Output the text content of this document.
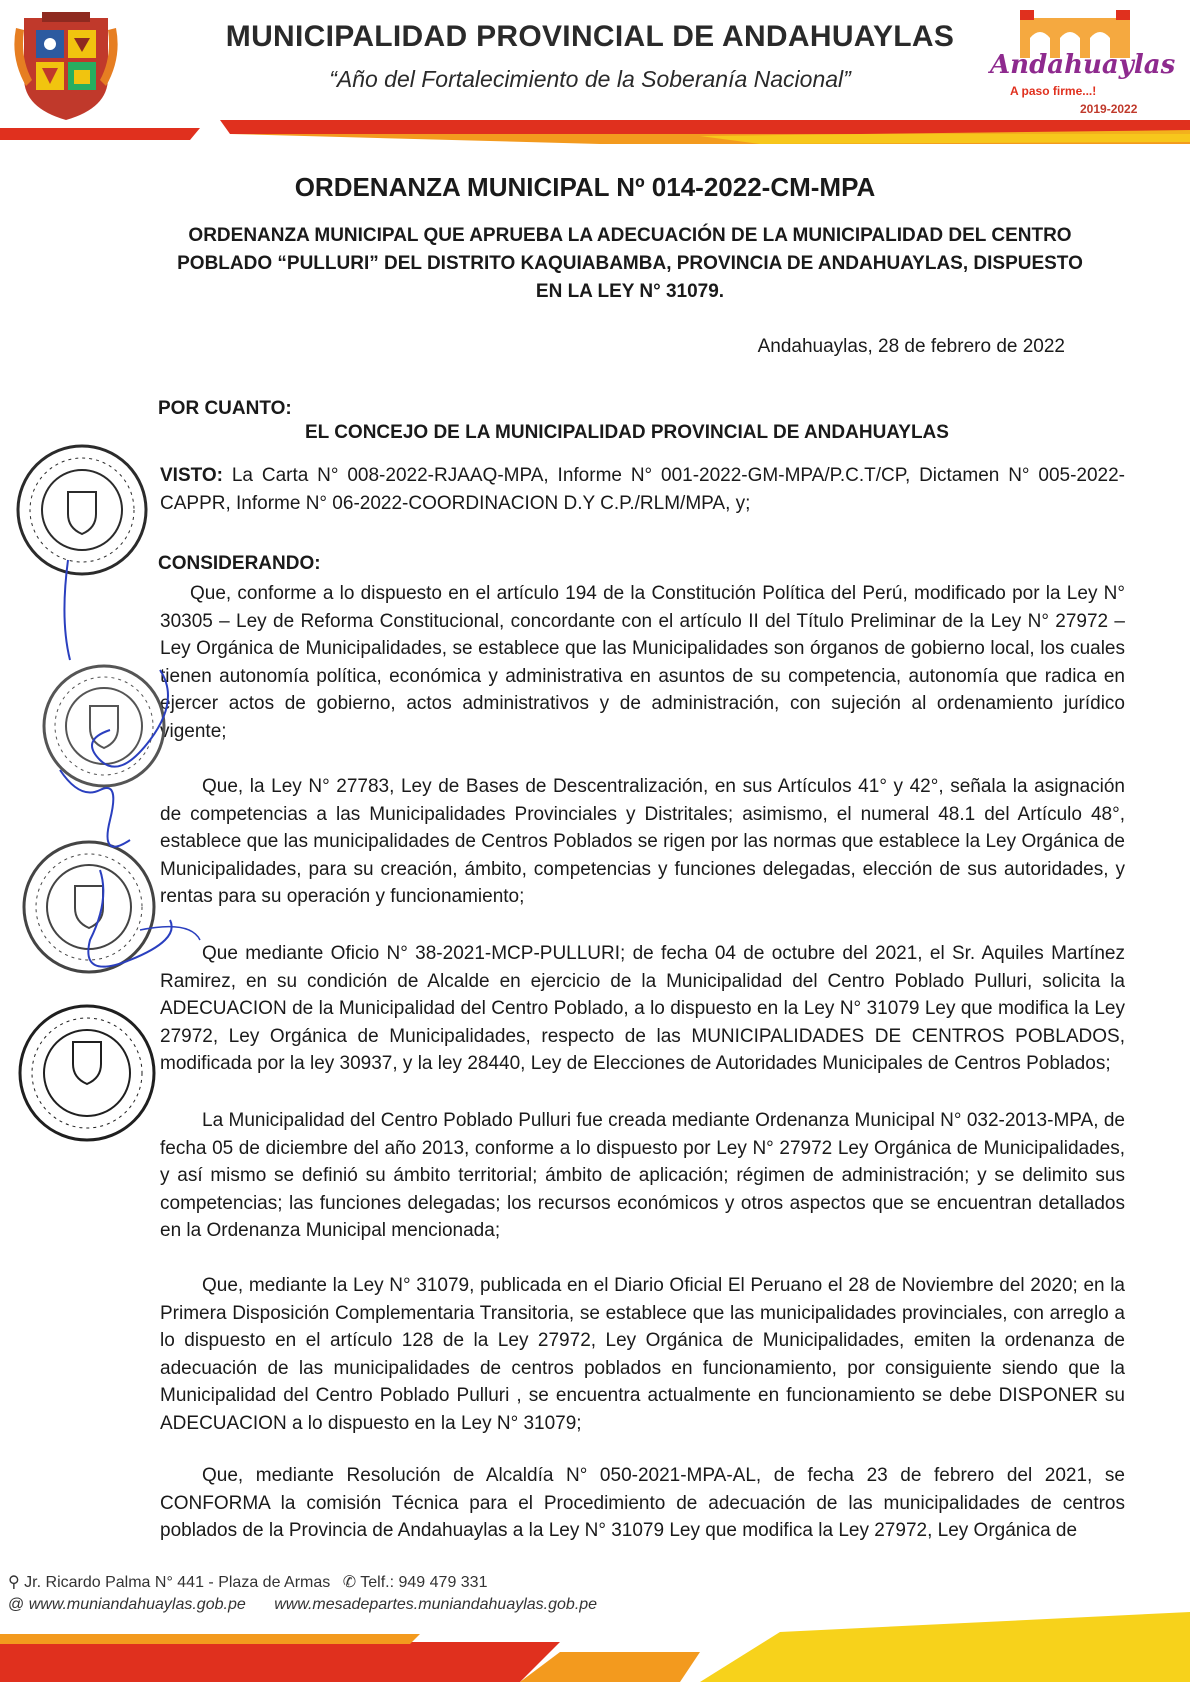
MUNICIPALIDAD PROVINCIAL DE ANDAHUAYLAS
“Año del Fortalecimiento de la Soberanía Nacional”	Andahuaylas
A paso firme...!
2019-2022
ORDENANZA MUNICIPAL Nº 014-2022-CM-MPA
ORDENANZA MUNICIPAL QUE APRUEBA LA ADECUACIÓN DE LA MUNICIPALIDAD DEL CENTRO
POBLADO “PULLURI” DEL DISTRITO KAQUIABAMBA, PROVINCIA DE ANDAHUAYLAS, DISPUESTO
EN LA LEY N° 31079.
Andahuaylas, 28 de febrero de 2022
POR CUANTO:
EL CONCEJO DE LA MUNICIPALIDAD PROVINCIAL DE ANDAHUAYLAS
VISTO: La Carta N° 008-2022-RJAAQ-MPA, Informe N° 001-2022-GM-MPA/P.C.T/CP, Dictamen N° 005-2022-CAPPR, Informe N° 06-2022-COORDINACION D.Y C.P./RLM/MPA, y;
CONSIDERANDO:
Que, conforme a lo dispuesto en el artículo 194 de la Constitución Política del Perú, modificado por la Ley N° 30305 – Ley de Reforma Constitucional, concordante con el artículo II del Título Preliminar de la Ley N° 27972 – Ley Orgánica de Municipalidades, se establece que las Municipalidades son órganos de gobierno local, los cuales tienen autonomía política, económica y administrativa en asuntos de su competencia, autonomía que radica en ejercer actos de gobierno, actos administrativos y de administración, con sujeción al ordenamiento jurídico vigente;
Que, la Ley N° 27783, Ley de Bases de Descentralización, en sus Artículos 41° y 42°, señala la asignación de competencias a las Municipalidades Provinciales y Distritales; asimismo, el numeral 48.1 del Artículo 48°, establece que las municipalidades de Centros Poblados se rigen por las normas que establece la Ley Orgánica de Municipalidades, para su creación, ámbito, competencias y funciones delegadas, elección de sus autoridades, y rentas para su operación y funcionamiento;
Que mediante Oficio N° 38-2021-MCP-PULLURI; de fecha 04 de octubre del 2021, el Sr. Aquiles Martínez Ramirez, en su condición de Alcalde en ejercicio de la Municipalidad del Centro Poblado Pulluri, solicita la ADECUACION de la Municipalidad del Centro Poblado, a lo dispuesto en la Ley N° 31079 Ley que modifica la Ley 27972, Ley Orgánica de Municipalidades, respecto de las MUNICIPALIDADES DE CENTROS POBLADOS, modificada por la ley 30937, y la ley 28440, Ley de Elecciones de Autoridades Municipales de Centros Poblados;
La Municipalidad del Centro Poblado Pulluri fue creada mediante Ordenanza Municipal N° 032-2013-MPA, de fecha 05 de diciembre del año 2013, conforme a lo dispuesto por Ley N° 27972 Ley Orgánica de Municipalidades, y así mismo se definió su ámbito territorial; ámbito de aplicación; régimen de administración; y se delimito sus competencias; las funciones delegadas; los recursos económicos y otros aspectos que se encuentran detallados en la Ordenanza Municipal mencionada;
Que, mediante la Ley N° 31079, publicada en el Diario Oficial El Peruano el 28 de Noviembre del 2020; en la Primera Disposición Complementaria Transitoria, se establece que las municipalidades provinciales, con arreglo a lo dispuesto en el artículo 128 de la Ley 27972, Ley Orgánica de Municipalidades, emiten la ordenanza de adecuación de las municipalidades de centros poblados en funcionamiento, por consiguiente siendo que la Municipalidad del Centro Poblado Pulluri , se encuentra actualmente en funcionamiento se debe DISPONER su ADECUACION a lo dispuesto en la Ley N° 31079;
Que, mediante Resolución de Alcaldía N° 050-2021-MPA-AL, de fecha 23 de febrero del 2021, se CONFORMA la comisión Técnica para el Procedimiento de adecuación de las municipalidades de centros poblados de la Provincia de Andahuaylas a la Ley N° 31079 Ley que modifica la Ley 27972, Ley Orgánica de
⚲ Jr. Ricardo Palma N° 441 - Plaza de Armas ✆ Telf.: 949 479 331
@ www.muniandahuaylas.gob.pe www.mesadepartes.muniandahuaylas.gob.pe
